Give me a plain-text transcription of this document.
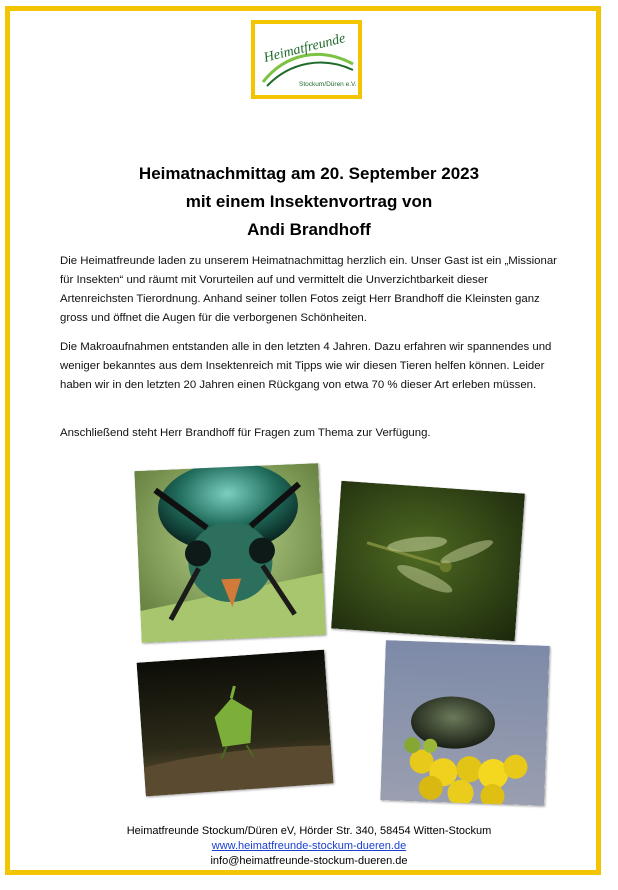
Heimatfreunde
Stockum/Düren e.V.
Heimatnachmittag am 20. September 2023
mit einem Insektenvortrag von
Andi Brandhoff

Die Heimatfreunde laden zu unserem Heimatnachmittag herzlich ein. Unser Gast ist ein „Missionar für Insekten“ und räumt mit Vorurteilen auf und vermittelt die Unverzichtbarkeit dieser Artenreichsten Tierordnung. Anhand seiner tollen Fotos zeigt Herr Brandhoff die Kleinsten ganz gross und öffnet die Augen für die verborgenen Schönheiten.

Die Makroaufnahmen entstanden alle in den letzten 4 Jahren. Dazu erfahren wir spannendes und weniger bekanntes aus dem Insektenreich mit Tipps wie wir diesen Tieren helfen können. Leider haben wir in den letzten 20 Jahren einen Rückgang von etwa 70 % dieser Art erleben müssen.

Anschließend steht Herr Brandhoff für Fragen zum Thema zur Verfügung.

Heimatfreunde Stockum/Düren eV, Hörder Str. 340, 58454 Witten-Stockum
www.heimatfreunde-stockum-dueren.de
info@heimatfreunde-stockum-dueren.de
